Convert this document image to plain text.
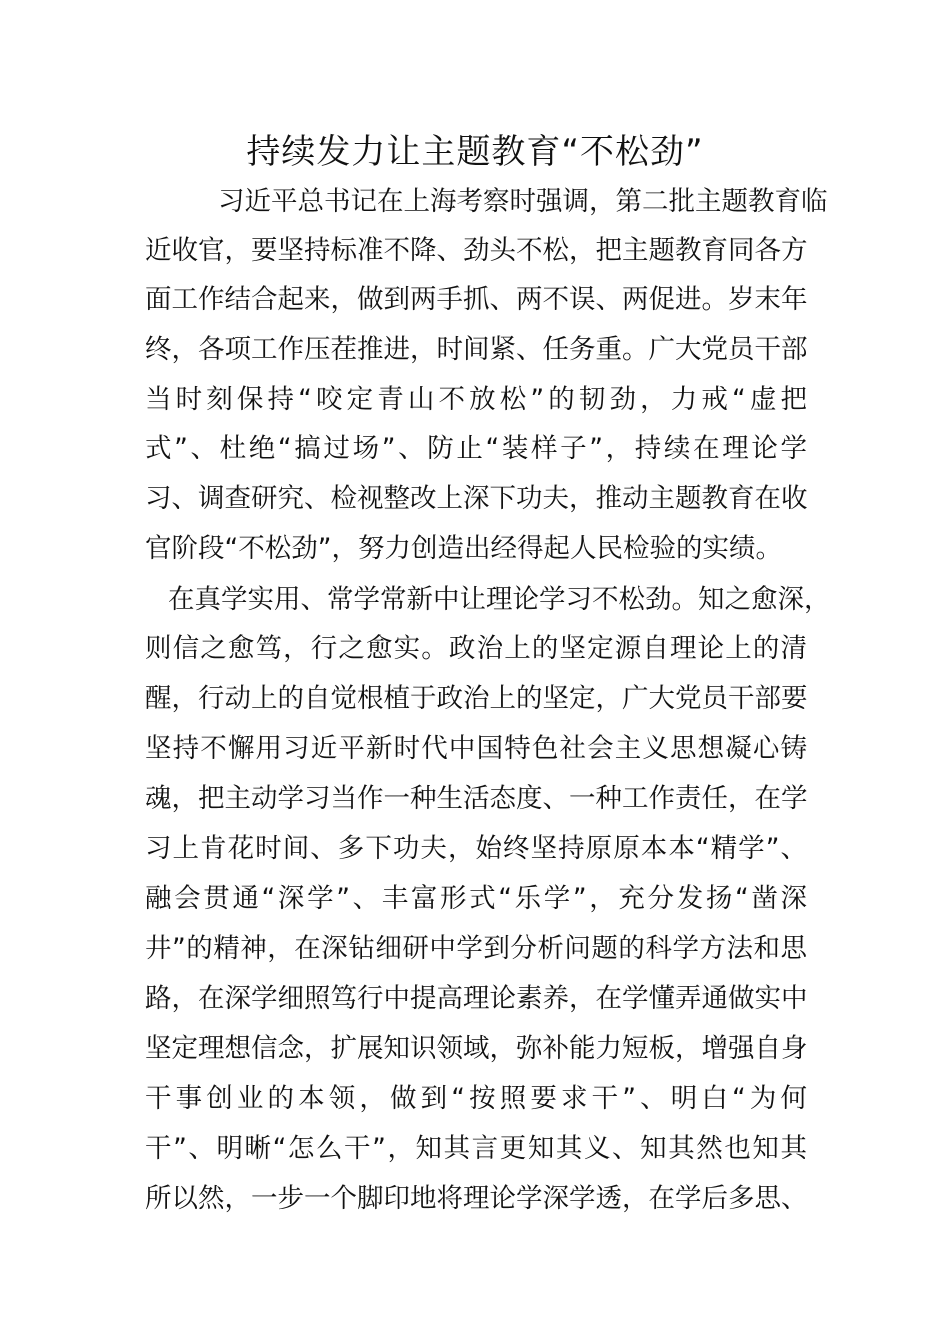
持续发力让主题教育“不松劲”
习近平总书记在上海考察时强调，第二批主题教育临
近收官，要坚持标准不降、劲头不松，把主题教育同各方
面工作结合起来，做到两手抓、两不误、两促进。岁末年
终，各项工作压茬推进，时间紧、任务重。广大党员干部
当时刻保持“咬定青山不放松”的韧劲，力戒“虚把
式”、杜绝“搞过场”、防止“装样子”，持续在理论学
习、调查研究、检视整改上深下功夫，推动主题教育在收
官阶段“不松劲”，努力创造出经得起人民检验的实绩。
在真学实用、常学常新中让理论学习不松劲。知之愈深，
则信之愈笃，行之愈实。政治上的坚定源自理论上的清
醒，行动上的自觉根植于政治上的坚定，广大党员干部要
坚持不懈用习近平新时代中国特色社会主义思想凝心铸
魂，把主动学习当作一种生活态度、一种工作责任，在学
习上肯花时间、多下功夫，始终坚持原原本本“精学”、
融会贯通“深学”、丰富形式“乐学”，充分发扬“凿深
井”的精神，在深钻细研中学到分析问题的科学方法和思
路，在深学细照笃行中提高理论素养，在学懂弄通做实中
坚定理想信念，扩展知识领域，弥补能力短板，增强自身
干事创业的本领，做到“按照要求干”、明白“为何
干”、明晰“怎么干”，知其言更知其义、知其然也知其
所以然，一步一个脚印地将理论学深学透，在学后多思、
